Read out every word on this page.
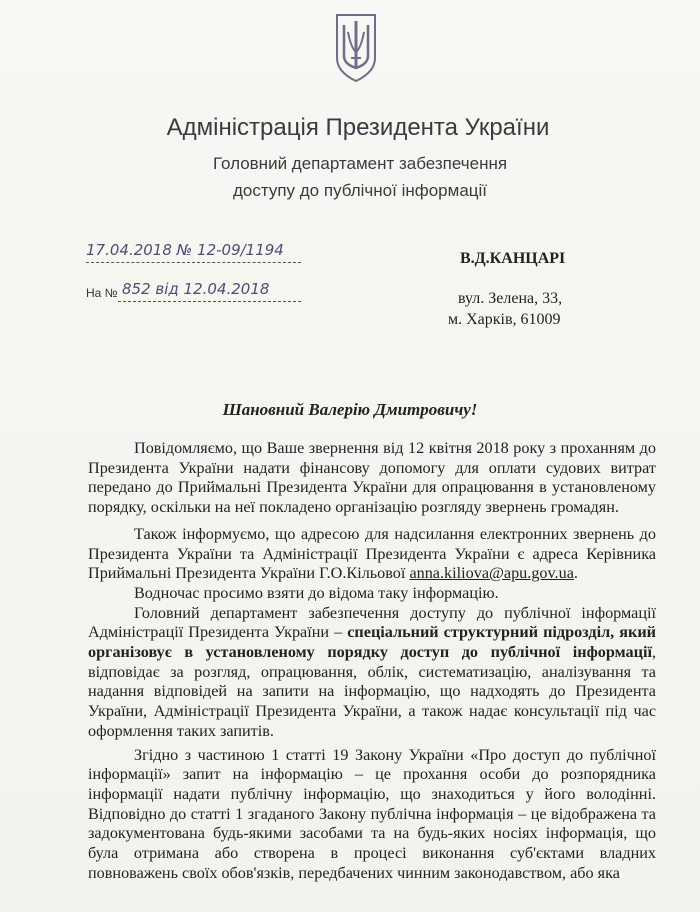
Адміністрація Президента України
Головний департамент забезпечення
доступу до публічної інформації
17.04.2018 № 12-09/1194
На № 852 від 12.04.2018
В.Д.КАНЦАРІ
вул. Зелена, 33,
м. Харків, 61009
Шановний Валерію Дмитровичу!

Повідомляємо, що Ваше звернення від 12 квітня 2018 року з проханням до Президента України надати фінансову допомогу для оплати судових витрат передано до Приймальні Президента України для опрацювання в установленому порядку, оскільки на неї покладено організацію розгляду звернень громадян.

Також інформуємо, що адресою для надсилання електронних звернень до Президента України та Адміністрації Президента України є адреса Керівника Приймальні Президента України Г.О.Кільової anna.kiliova@apu.gov.ua.

Водночас просимо взяти до відома таку інформацію.

Головний департамент забезпечення доступу до публічної інформації Адміністрації Президента України – спеціальний структурний підрозділ, який організовує в установленому порядку доступ до публічної інформації, відповідає за розгляд, опрацювання, облік, систематизацію, аналізування та надання відповідей на запити на інформацію, що надходять до Президента України, Адміністрації Президента України, а також надає консультації під час оформлення таких запитів.

Згідно з частиною 1 статті 19 Закону України «Про доступ до публічної інформації» запит на інформацію – це прохання особи до розпорядника інформації надати публічну інформацію, що знаходиться у його володінні. Відповідно до статті 1 згаданого Закону публічна інформація – це відображена та задокументована будь-якими засобами та на будь-яких носіях інформація, що була отримана або створена в процесі виконання суб'єктами владних повноважень своїх обов'язків, передбачених чинним законодавством, або яка
